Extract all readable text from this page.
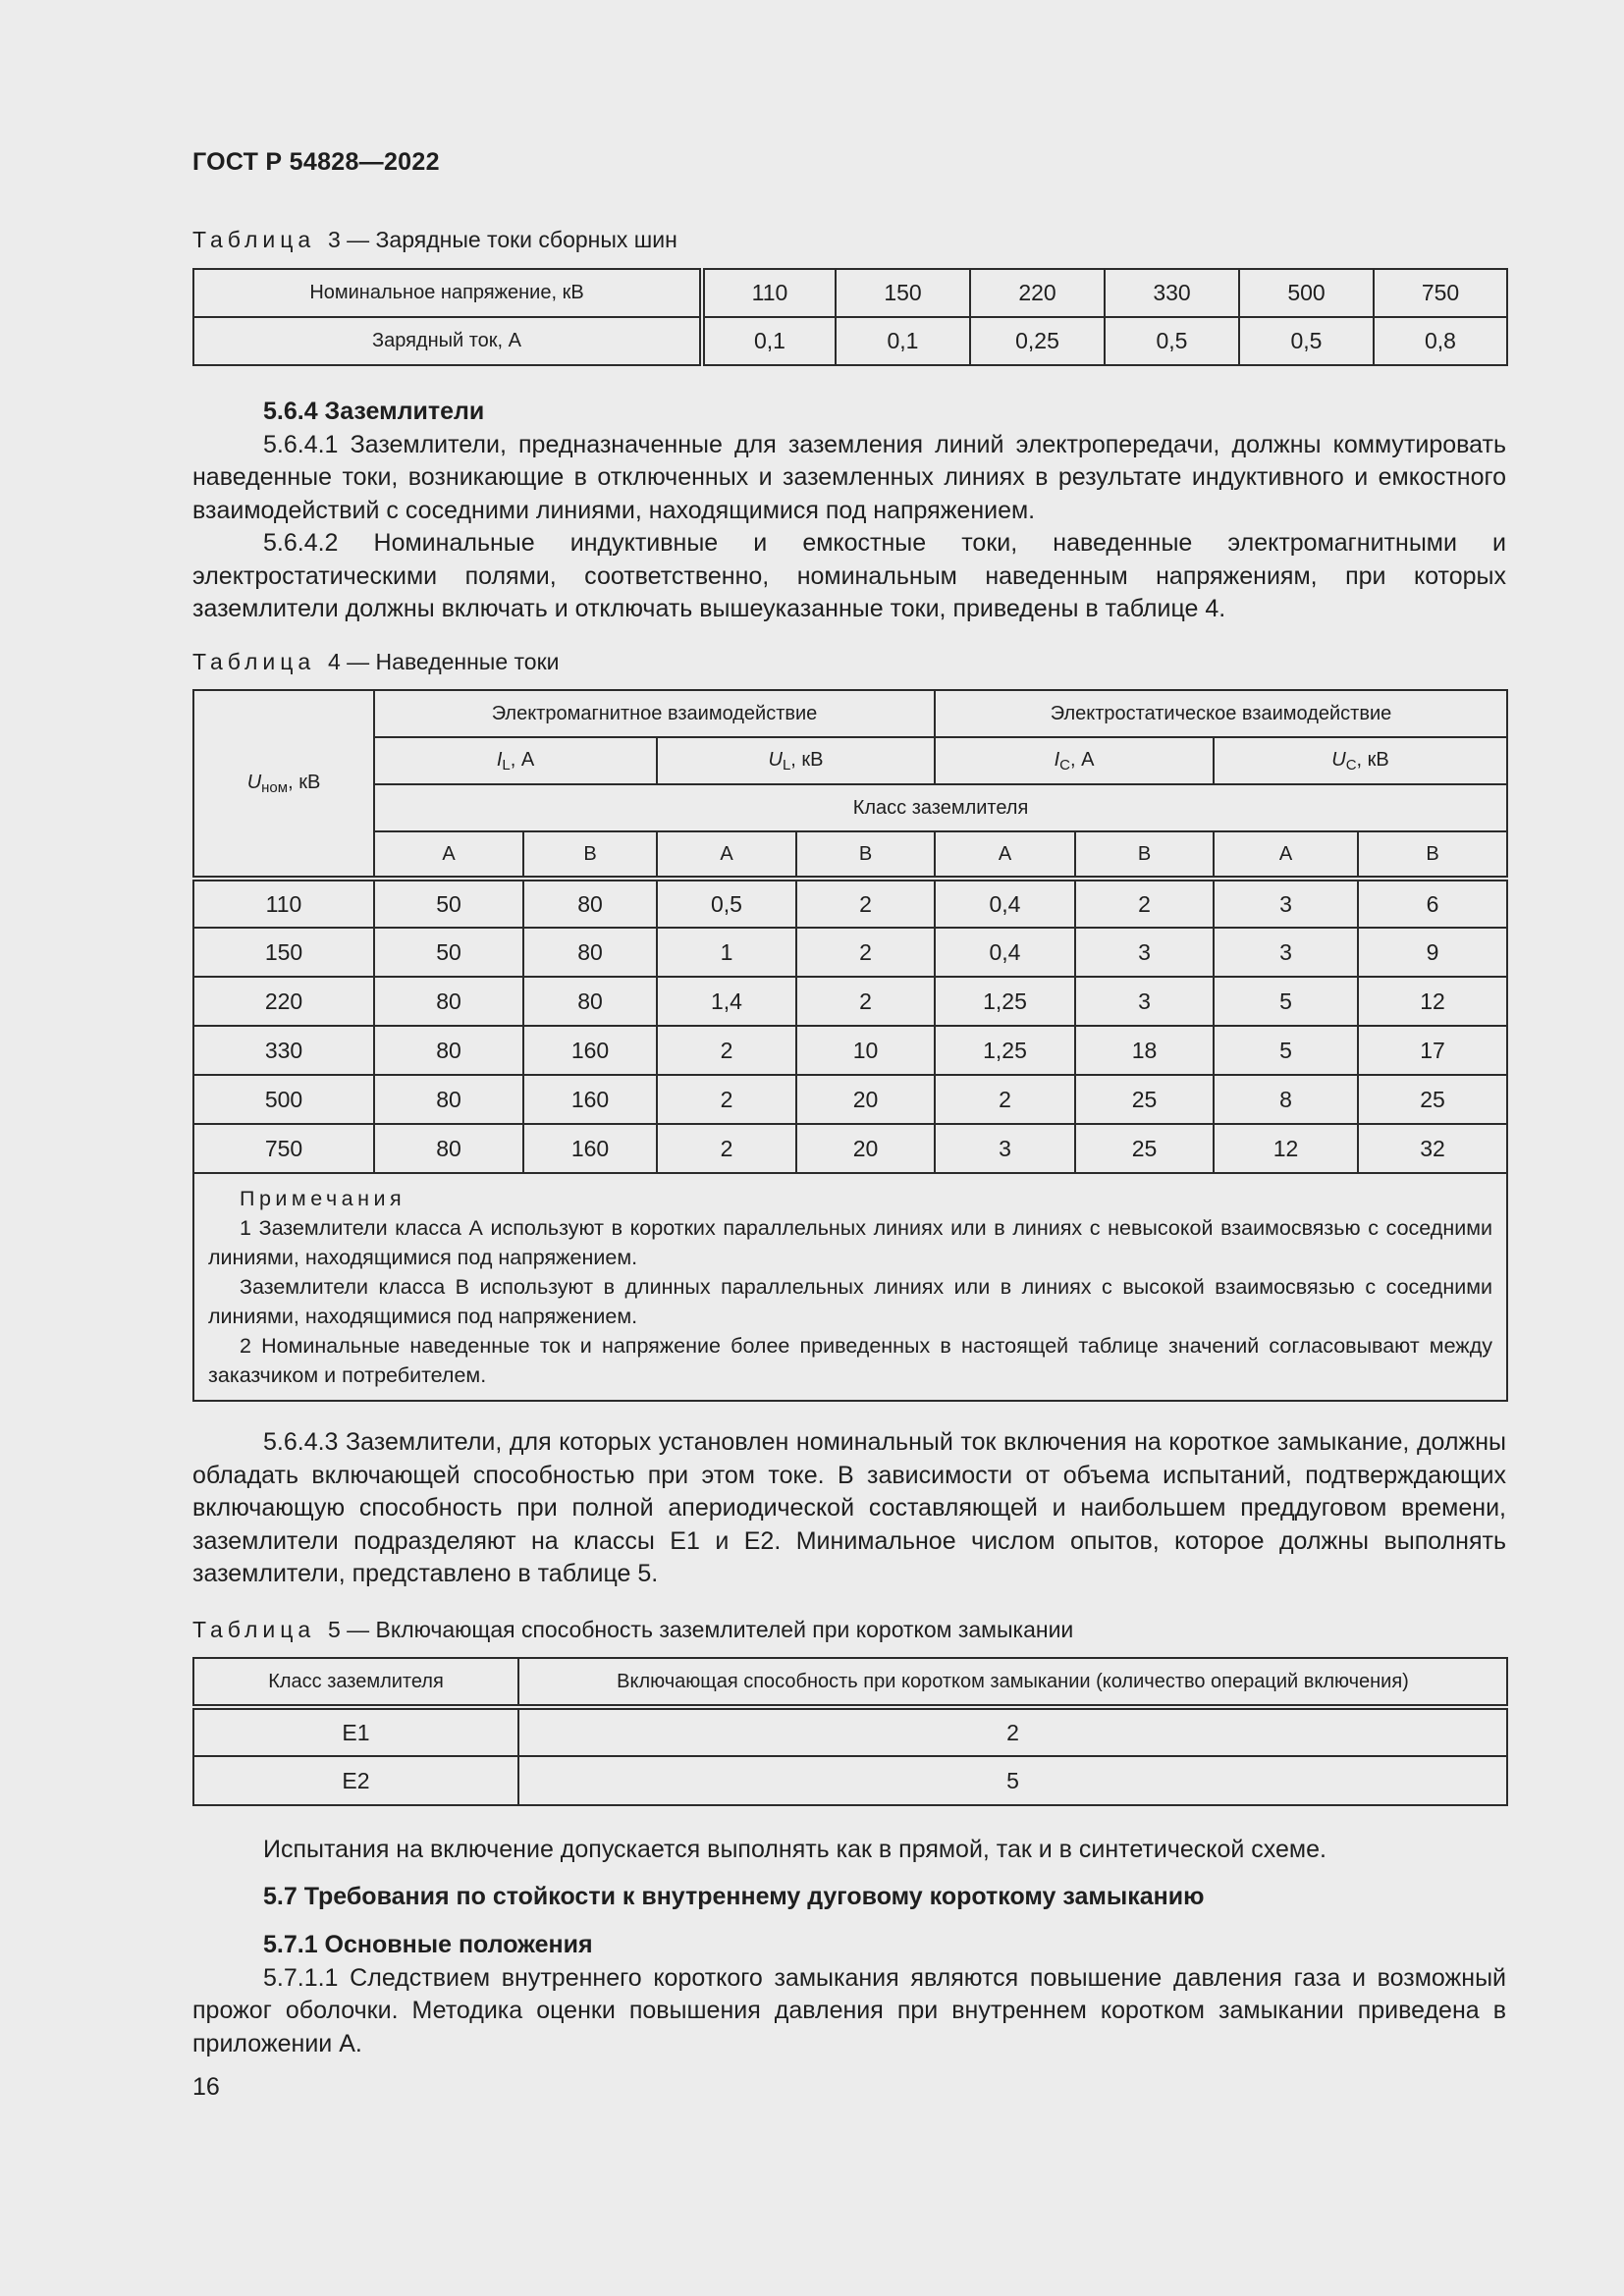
ГОСТ Р 54828—2022
Таблица 3 — Зарядные токи сборных шин
Номинальное напряжение, кВ	110	150	220	330	500	750
Зарядный ток, А	0,1	0,1	0,25	0,5	0,5	0,8

5.6.4 Заземлители

5.6.4.1 Заземлители, предназначенные для заземления линий электропередачи, должны коммутировать наведенные токи, возникающие в отключенных и заземленных линиях в результате индуктивного и емкостного взаимодействий с соседними линиями, находящимися под напряжением.

5.6.4.2 Номинальные индуктивные и емкостные токи, наведенные электромагнитными и электростатическими полями, соответственно, номинальным наведенным напряжениям, при которых заземлители должны включать и отключать вышеуказанные токи, приведены в таблице 4.

Таблица 4 — Наведенные токи
$U_{ном}$, кВ	Электромагнитное взаимодействие				Электростатическое взаимодействие			
	$I_L$, А		$U_L$, кВ		$I_C$, А		$U_C$, кВ	
	Класс заземлителя							
	А	В	А	В	А	В	А	В
110	50	80	0,5	2	0,4	2	3	6
150	50	80	1	2	0,4	3	3	9
220	80	80	1,4	2	1,25	3	5	12
330	80	160	2	10	1,25	18	5	17
500	80	160	2	20	2	25	8	25
750	80	160	2	20	3	25	12	32

Примечания

1 Заземлители класса А используют в коротких параллельных линиях или в линиях с невысокой взаимосвязью с соседними линиями, находящимися под напряжением.

Заземлители класса В используют в длинных параллельных линиях или в линиях с высокой взаимосвязью с соседними линиями, находящимися под напряжением.

2 Номинальные наведенные ток и напряжение более приведенных в настоящей таблице значений согласовывают между заказчиком и потребителем.								

5.6.4.3 Заземлители, для которых установлен номинальный ток включения на короткое замыкание, должны обладать включающей способностью при этом токе. В зависимости от объема испытаний, подтверждающих включающую способность при полной апериодической составляющей и наибольшем преддуговом времени, заземлители подразделяют на классы Е1 и Е2. Минимальное числом опытов, которое должны выполнять заземлители, представлено в таблице 5.

Таблица 5 — Включающая способность заземлителей при коротком замыкании
Класс заземлителя	Включающая способность при коротком замыкании (количество операций включения)
Е1	2
Е2	5

Испытания на включение допускается выполнять как в прямой, так и в синтетической схеме.

5.7 Требования по стойкости к внутреннему дуговому короткому замыканию

5.7.1 Основные положения

5.7.1.1 Следствием внутреннего короткого замыкания являются повышение давления газа и возможный прожог оболочки. Методика оценки повышения давления при внутреннем коротком замыкании приведена в приложении А.

16
